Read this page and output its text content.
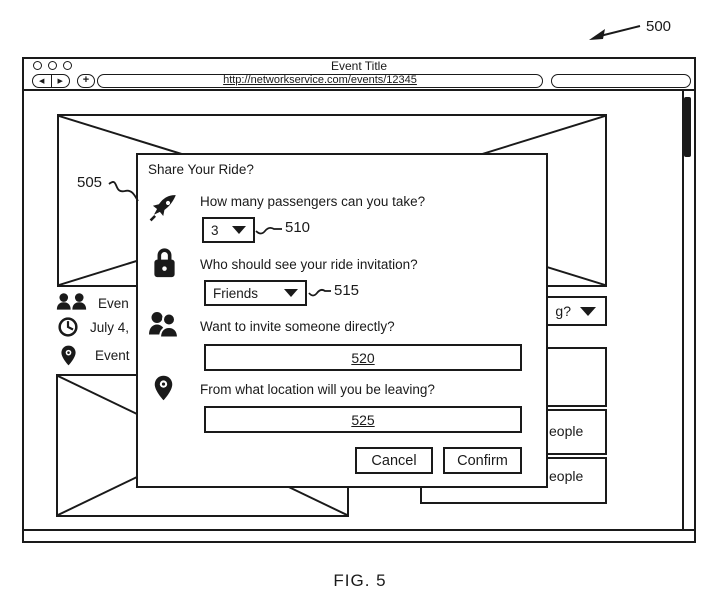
500
Event Title
◀	▶	+	http://networkservice.com/events/12345
Even
July 4,
Event
g?
eople
eople
505
Share Your Ride?
How many passengers can you take?
3
Who should see your ride invitation?
Friends
Want to invite someone directly?
520
From what location will you be leaving?
525
Cancel	Confirm
510
515
FIG. 5
